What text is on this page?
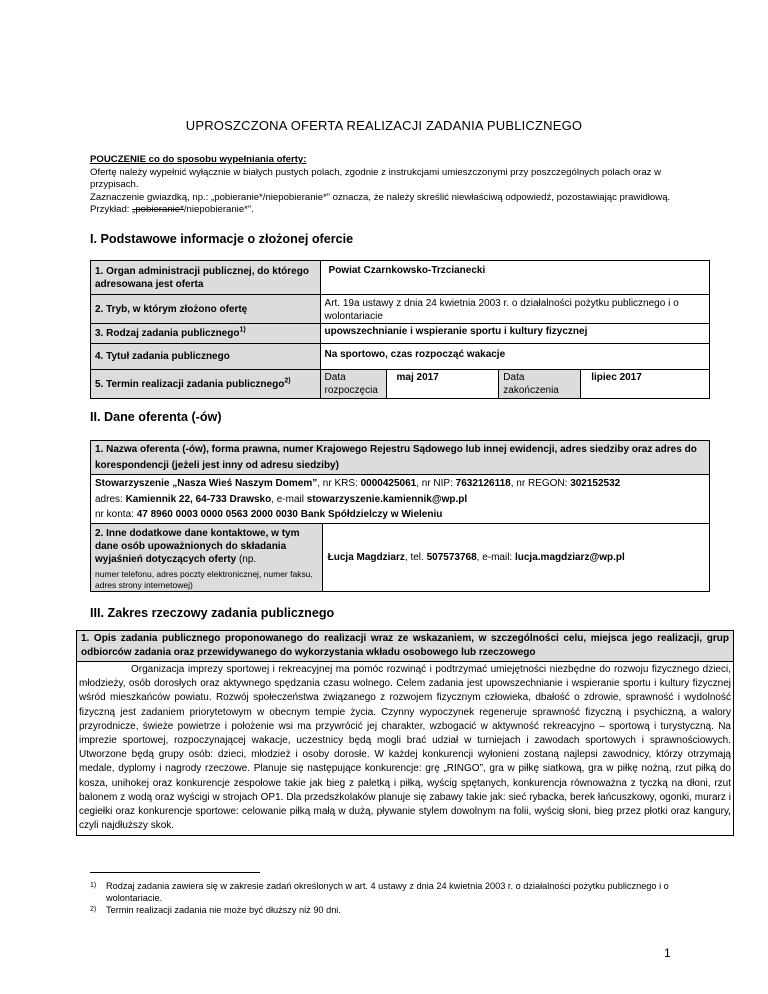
UPROSZCZONA OFERTA REALIZACJI ZADANIA PUBLICZNEGO
POUCZENIE co do sposobu wypełniania oferty:
Ofertę należy wypełnić wyłącznie w białych pustych polach, zgodnie z instrukcjami umieszczonymi przy poszczególnych polach oraz w przypisach.
Zaznaczenie gwiazdką, np.: „pobieranie*/niepobieranie*” oznacza, że należy skreślić niewłaściwą odpowiedź, pozostawiając prawidłową. Przykład: „pobieranie*/niepobieranie*”.
I. Podstawowe informacje o złożonej ofercie
1. Organ administracji publicznej, do którego adresowana jest oferta	Powiat Czarnkowsko-Trzcianecki			
2. Tryb, w którym złożono ofertę	Art. 19a ustawy z dnia 24 kwietnia 2003 r. o działalności pożytku publicznego i o wolontariacie			
3. Rodzaj zadania publicznego$^{1)}$	upowszechnianie i wspieranie sportu i kultury fizycznej			
4. Tytuł zadania publicznego	Na sportowo, czas rozpocząć wakacje			
5. Termin realizacji zadania publicznego$^{2)}$	Data rozpoczęcia	maj 2017	Data zakończenia	lipiec 2017
II. Dane oferenta (-ów)
1. Nazwa oferenta (-ów), forma prawna, numer Krajowego Rejestru Sądowego lub innej ewidencji, adres siedziby oraz adres do korespondencji (jeżeli jest inny od adresu siedziby)

Stowarzyszenie „Nasza Wieś Naszym Domem”, nr KRS: 0000425061, nr NIP: 7632126118, nr REGON: 302152532
adres: Kamiennik 22, 64-733 Drawsko, e-mail stowarzyszenie.kamiennik@wp.pl
nr konta: 47 8960 0003 0000 0563 2000 0030 Bank Spółdzielczy w Wieleniu

2. Inne dodatkowe dane kontaktowe, w tym dane osób upoważnionych do składania wyjaśnień dotyczących oferty (np.
numer telefonu, adres poczty elektronicznej, numer faksu, adres strony internetowej)
	Łucja Magdziarz, tel. 507573768, e-mail: lucja.magdziarz@wp.pl
III. Zakres rzeczowy zadania publicznego
1. Opis zadania publicznego proponowanego do realizacji wraz ze wskazaniem, w szczególności celu, miejsca jego realizacji, grup odbiorców zadania oraz przewidywanego do wykorzystania wkładu osobowego lub rzeczowego
Organizacja imprezy sportowej i rekreacyjnej ma pomóc rozwinąć i podtrzymać umiejętności niezbędne do rozwoju fizycznego dzieci, młodzieży, osób dorosłych oraz aktywnego spędzania czasu wolnego. Celem zadania jest upowszechnianie i wspieranie sportu i kultury fizycznej wśród mieszkańców powiatu. Rozwój społeczeństwa związanego z rozwojem fizycznym człowieka, dbałość o zdrowie, sprawność i wydolność fizyczną jest zadaniem priorytetowym w obecnym tempie życia. Czynny wypoczynek regeneruje sprawność fizyczną i psychiczną, a walory przyrodnicze, świeże powietrze i położenie wsi ma przywrócić jej charakter, wzbogacić w aktywność rekreacyjno – sportową i turystyczną. Na imprezie sportowej, rozpoczynającej wakacje, uczestnicy będą mogli brać udział w turniejach i zawodach sportowych i sprawnościowych. Utworzone będą grupy osób: dzieci, młodzież i osoby dorosłe. W każdej konkurencji wyłonieni zostaną najlepsi zawodnicy, którzy otrzymają medale, dyplomy i nagrody rzeczowe. Planuje się następujące konkurencje: grę „RINGO”, gra w piłkę siatkową, gra w piłkę nożną, rzut piłką do kosza, unihokej oraz konkurencje zespołowe takie jak bieg z paletką i piłką, wyścig spętanych, konkurencja równoważna z tyczką na dłoni, rzut balonem z wodą oraz wyścigi w strojach OP1. Dla przedszkolaków planuje się zabawy takie jak: sieć rybacka, berek łańcuszkowy, ogonki, murarz i cegiełki oraz konkurencje sportowe: celowanie piłką małą w dużą, pływanie stylem dowolnym na folii, wyścig słoni, bieg przez płotki oraz kangury, czyli najdłuższy skok.
1) Rodzaj zadania zawiera się w zakresie zadań określonych w art. 4 ustawy z dnia 24 kwietnia 2003 r. o działalności pożytku publicznego i o wolontariacie.
2) Termin realizacji zadania nie może być dłuższy niż 90 dni.
1
